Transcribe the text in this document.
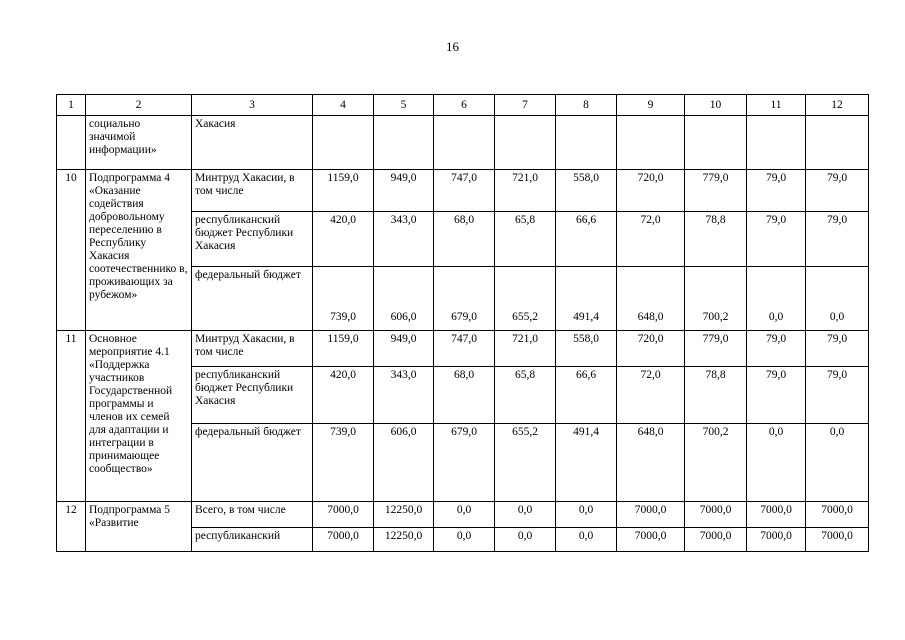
16
1	2	3	4	5	6	7	8	9	10	11	12
	социально значимой информации»	Хакасия									
10	Подпрограмма 4 «Оказание содействия добровольному переселению в Республику Хакасия соотечественнико в, проживающих за рубежом»	Минтруд Хакасии, в том числе	1159,0	949,0	747,0	721,0	558,0	720,0	779,0	79,0	79,0
		республиканский бюджет Республики Хакасия	420,0	343,0	68,0	65,8	66,6	72,0	78,8	79,0	79,0
		федеральный бюджет	739,0	606,0	679,0	655,2	491,4	648,0	700,2	0,0	0,0
11	Основное мероприятие 4.1 «Поддержка участников Государственной программы и членов их семей для адаптации и интеграции в принимающее сообщество»	Минтруд Хакасии, в том числе	1159,0	949,0	747,0	721,0	558,0	720,0	779,0	79,0	79,0
		республиканский бюджет Республики Хакасия	420,0	343,0	68,0	65,8	66,6	72,0	78,8	79,0	79,0
		федеральный бюджет	739,0	606,0	679,0	655,2	491,4	648,0	700,2	0,0	0,0
12	Подпрограмма 5 «Развитие	Всего, в том числе	7000,0	12250,0	0,0	0,0	0,0	7000,0	7000,0	7000,0	7000,0
		республиканский	7000,0	12250,0	0,0	0,0	0,0	7000,0	7000,0	7000,0	7000,0
